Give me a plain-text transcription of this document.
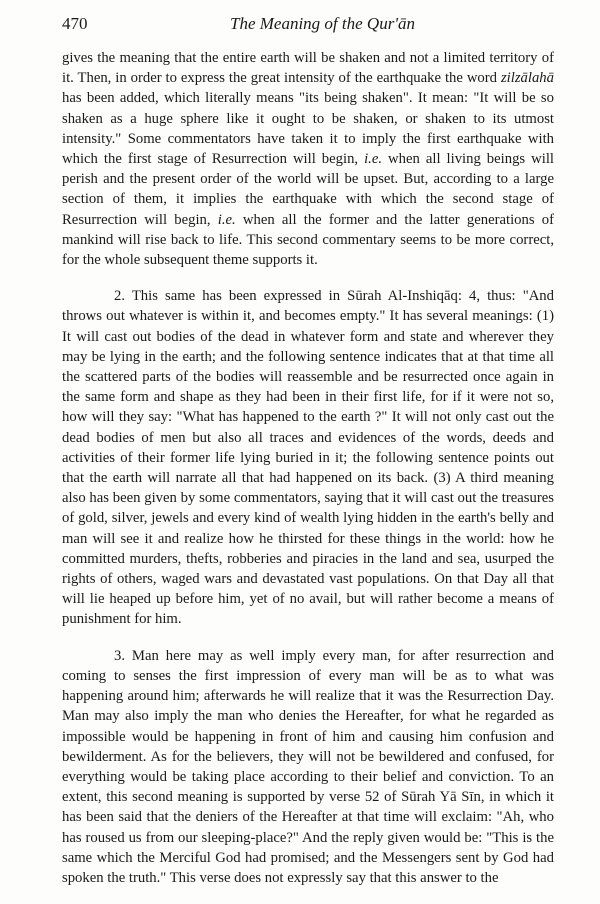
470	The Meaning of the Qur'ān

gives the meaning that the entire earth will be shaken and not a limited territory of it. Then, in order to express the great intensity of the earthquake the word zilzālahā has been added, which literally means "its being shaken". It mean: "It will be so shaken as a huge sphere like it ought to be shaken, or shaken to its utmost intensity." Some commentators have taken it to imply the first earthquake with which the first stage of Resurrection will begin, i.e. when all living beings will perish and the present order of the world will be upset. But, according to a large section of them, it implies the earthquake with which the second stage of Resurrection will begin, i.e. when all the former and the latter generations of mankind will rise back to life. This second commentary seems to be more correct, for the whole subsequent theme supports it.

2. This same has been expressed in Sūrah Al-Inshiqāq: 4, thus: "And throws out whatever is within it, and becomes empty." It has several meanings: (1) It will cast out bodies of the dead in whatever form and state and wherever they may be lying in the earth; and the following sentence indicates that at that time all the scattered parts of the bodies will reassemble and be resurrected once again in the same form and shape as they had been in their first life, for if it were not so, how will they say: "What has happened to the earth ?" It will not only cast out the dead bodies of men but also all traces and evidences of the words, deeds and activities of their former life lying buried in it; the following sentence points out that the earth will narrate all that had happened on its back. (3) A third meaning also has been given by some commentators, saying that it will cast out the treasures of gold, silver, jewels and every kind of wealth lying hidden in the earth's belly and man will see it and realize how he thirsted for these things in the world: how he committed murders, thefts, robberies and piracies in the land and sea, usurped the rights of others, waged wars and devastated vast populations. On that Day all that will lie heaped up before him, yet of no avail, but will rather become a means of punishment for him.

3. Man here may as well imply every man, for after resurrection and coming to senses the first impression of every man will be as to what was happening around him; afterwards he will realize that it was the Resurrection Day. Man may also imply the man who denies the Hereafter, for what he regarded as impossible would be happening in front of him and causing him confusion and bewilderment. As for the believers, they will not be bewildered and confused, for everything would be taking place according to their belief and conviction. To an extent, this second meaning is supported by verse 52 of Sūrah Yā Sīn, in which it has been said that the deniers of the Hereafter at that time will exclaim: "Ah, who has roused us from our sleeping-place?" And the reply given would be: "This is the same which the Merciful God had promised; and the Messengers sent by God had spoken the truth." This verse does not expressly say that this answer to the
